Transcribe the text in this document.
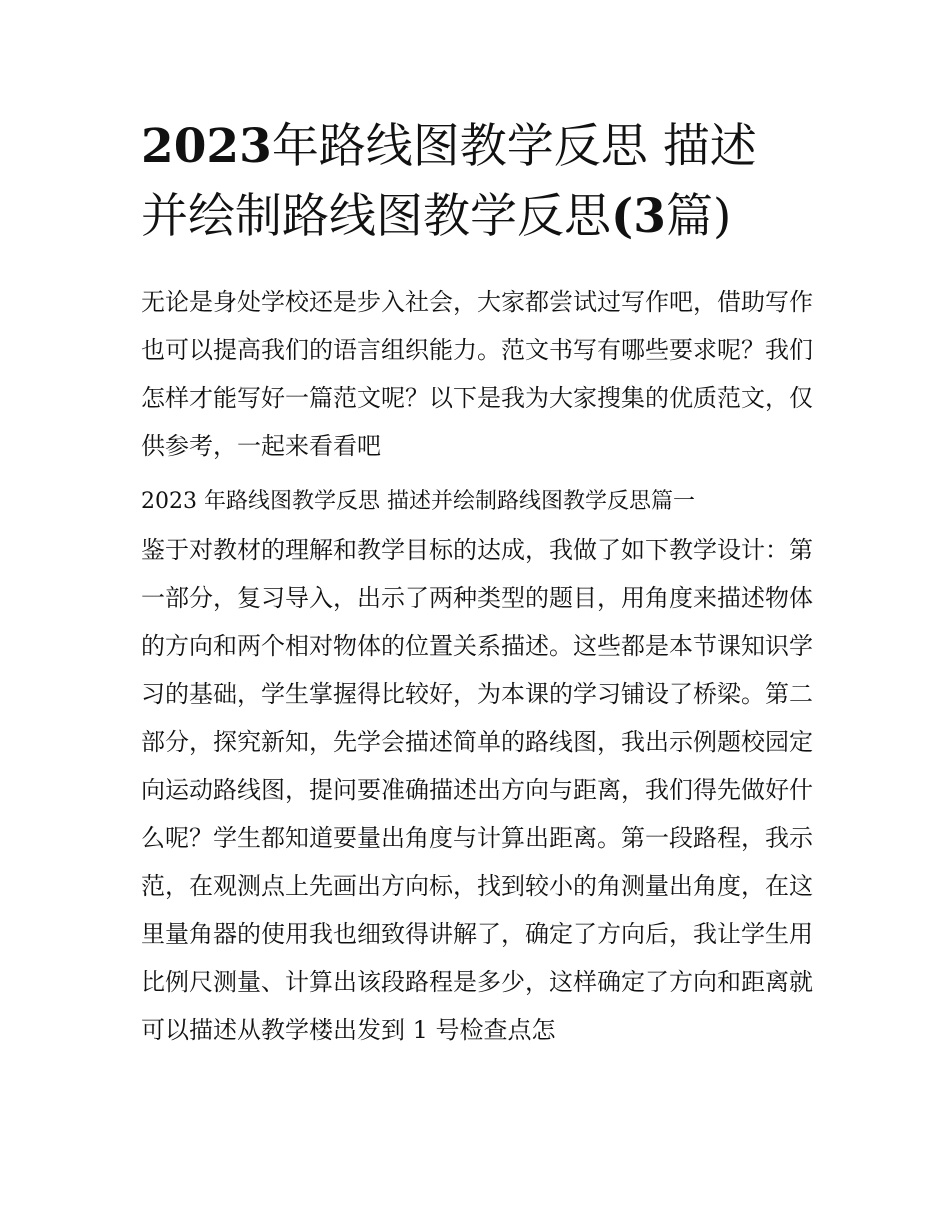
2023年路线图教学反思 描述
并绘制路线图教学反思(3篇)

无论是身处学校还是步入社会，大家都尝试过写作吧，借助写作也可以提高我们的语言组织能力。范文书写有哪些要求呢？我们怎样才能写好一篇范文呢？以下是我为大家搜集的优质范文，仅供参考，一起来看看吧

2023 年路线图教学反思 描述并绘制路线图教学反思篇一

鉴于对教材的理解和教学目标的达成，我做了如下教学设计：第一部分，复习导入，出示了两种类型的题目，用角度来描述物体的方向和两个相对物体的位置关系描述。这些都是本节课知识学习的基础，学生掌握得比较好，为本课的学习铺设了桥梁。第二部分，探究新知，先学会描述简单的路线图，我出示例题校园定向运动路线图，提问要准确描述出方向与距离，我们得先做好什么呢？学生都知道要量出角度与计算出距离。第一段路程，我示范，在观测点上先画出方向标，找到较小的角测量出角度，在这里量角器的使用我也细致得讲解了，确定了方向后，我让学生用比例尺测量、计算出该段路程是多少，这样确定了方向和距离就可以描述从教学楼出发到 1 号检查点怎
